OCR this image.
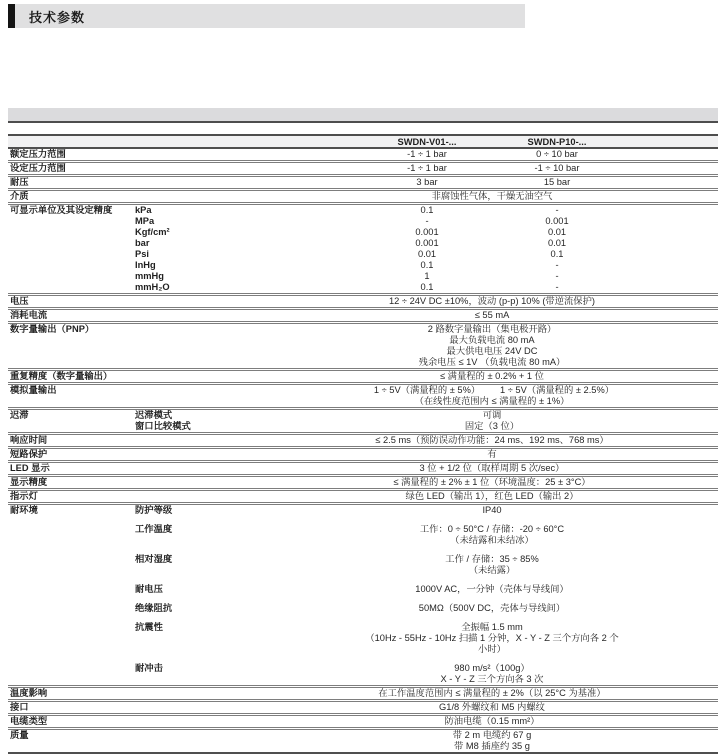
技术参数
SWDN-V01-...	SWDN-P10-...
额定压力范围	-1 ÷ 1 bar	0 ÷ 10 bar
设定压力范围	-1 ÷ 1 bar	-1 ÷ 10 bar
耐压	3 bar	15 bar
介质	非腐蚀性气体，干燥无油空气
可显示单位及其设定精度	kPa	0.1	-
MPa	-	0.001
Kgf/cm²	0.001	0.01
bar	0.001	0.01
Psi	0.01	0.1
InHg	0.1	-
mmHg	1	-
mmH₂O	0.1	-
电压	12 ÷ 24V DC ±10%，波动 (p-p) 10% (带逆流保护)
消耗电流	≤ 55 mA
数字量输出（PNP）	2 路数字量输出（集电极开路）
最大负载电流 80 mA
最大供电电压 24V DC
残余电压 ≤ 1V （负载电流 80 mA）
重复精度（数字量输出）	≤ 满量程的 ± 0.2% + 1 位
模拟量输出	1 ÷ 5V（满量程的 ± 5%）	1 ÷ 5V（满量程的 ± 2.5%）
（在线性度范围内 ≤ 满量程的 ± 1%）
迟滞	迟滞模式	可调
窗口比较模式	固定（3 位）
响应时间	≤ 2.5 ms（预防误动作功能：24 ms、192 ms、768 ms）
短路保护	有
LED 显示	3 位 + 1/2 位（取样周期 5 次/sec）
显示精度	≤ 满量程的 ± 2% ± 1 位（环境温度：25 ± 3°C）
指示灯	绿色 LED（输出 1），红色 LED（输出 2）
耐环境	防护等级	IP40
工作温度	工作：0 ÷ 50°C / 存储：-20 ÷ 60°C
（未结露和未结冰）
相对湿度	工作 / 存储：35 ÷ 85%
（未结露）
耐电压	1000V AC，一分钟（壳体与导线间）
绝缘阻抗	50MΩ（500V DC，壳体与导线间）
抗震性	全振幅 1.5 mm
（10Hz - 55Hz - 10Hz 扫描 1 分钟，X - Y - Z 三个方向各 2 个小时）
耐冲击	980 m/s²（100g）
X - Y - Z 三个方向各 3 次
温度影响	在工作温度范围内 ≤ 满量程的 ± 2%（以 25°C 为基准）
接口	G1/8 外螺纹和 M5 内螺纹
电缆类型	防油电缆（0.15 mm²）
质量	带 2 m 电缆约 67 g
带 M8 插座约 35 g
